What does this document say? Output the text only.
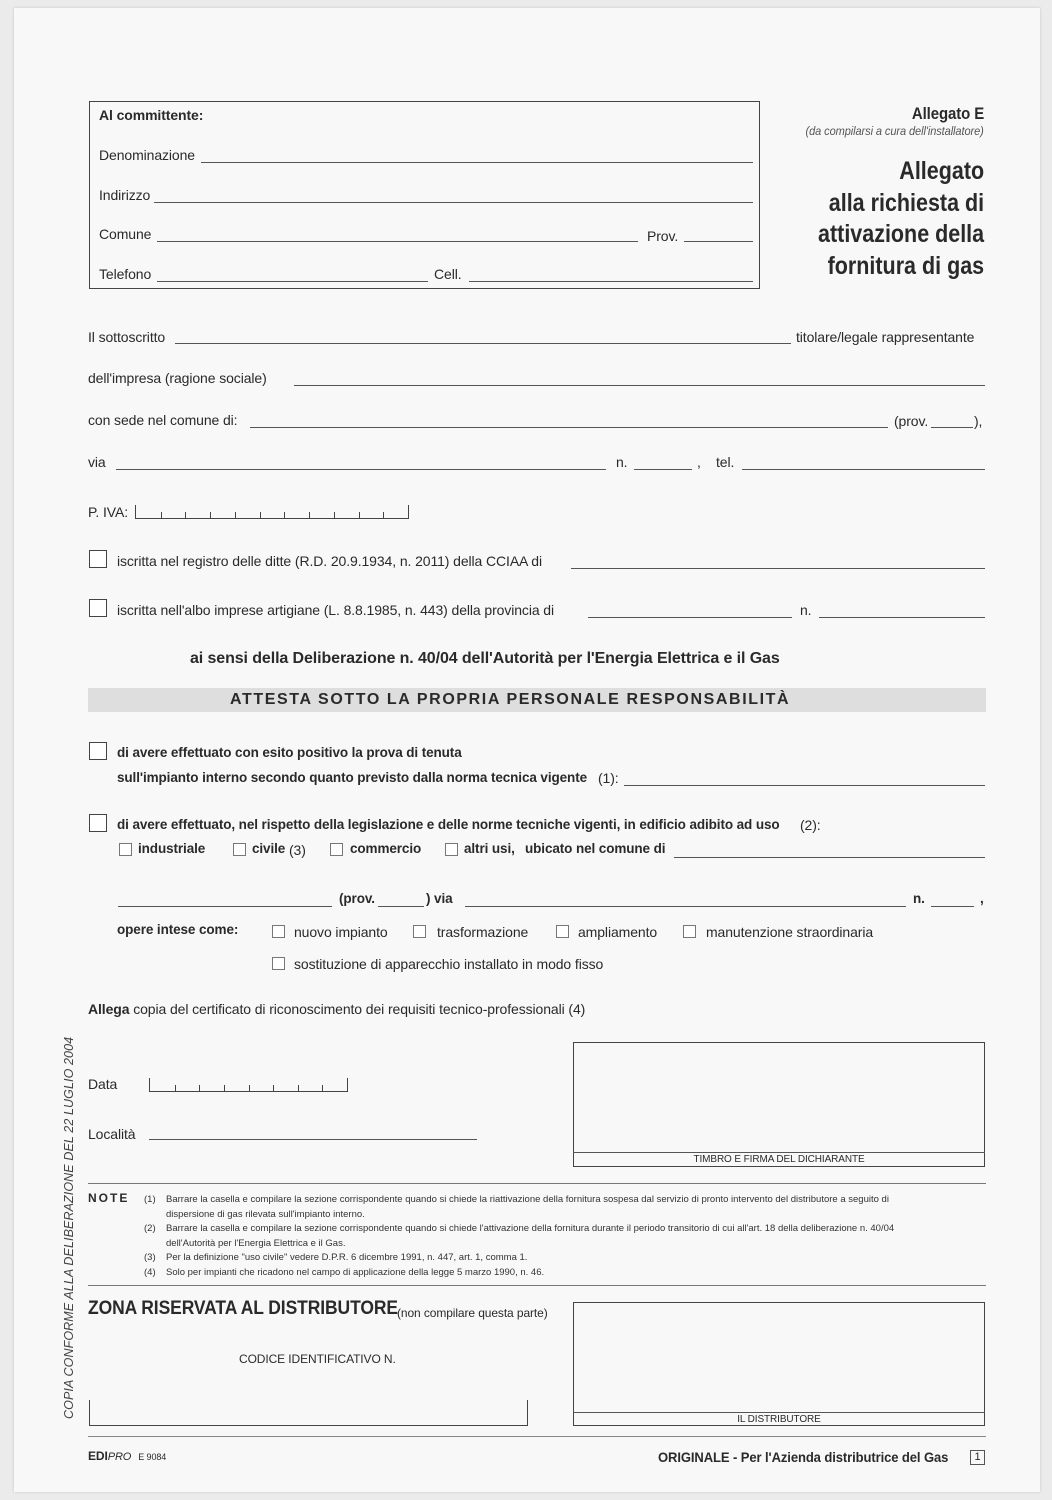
Al committente:
Denominazione
Indirizzo
Comune	Prov.
Telefono	Cell.
Allegato E
(da compilarsi a cura dell'installatore)
Allegato
alla richiesta di
attivazione della
fornitura di gas
Il sottoscritto	titolare/legale rappresentante
dell'impresa (ragione sociale)
con sede nel comune di:	(prov.	),
via	n.	, tel.
P. IVA:
iscritta nel registro delle ditte (R.D. 20.9.1934, n. 2011) della CCIAA di
iscritta nell'albo imprese artigiane (L. 8.8.1985, n. 443) della provincia di	n.
ai sensi della Deliberazione n. 40/04 dell'Autorità per l'Energia Elettrica e il Gas
ATTESTA SOTTO LA PROPRIA PERSONALE RESPONSABILITÀ
di avere effettuato con esito positivo la prova di tenuta
sull'impianto interno secondo quanto previsto dalla norma tecnica vigente (1):
di avere effettuato, nel rispetto della legislazione e delle norme tecniche vigenti, in edificio adibito ad uso (2):
industriale	civile (3)	commercio	altri usi, ubicato nel comune di
(prov.	) via	n.	,
opere intese come:	nuovo impianto	trasformazione	ampliamento	manutenzione straordinaria
sostituzione di apparecchio installato in modo fisso
Allega copia del certificato di riconoscimento dei requisiti tecnico-professionali (4)
Data
Località
TIMBRO E FIRMA DEL DICHIARANTE
NOTE (1) Barrare la casella e compilare la sezione corrispondente quando si chiede la riattivazione della fornitura sospesa dal servizio di pronto intervento del distributore a seguito di
dispersione di gas rilevata sull'impianto interno.
(2) Barrare la casella e compilare la sezione corrispondente quando si chiede l'attivazione della fornitura durante il periodo transitorio di cui all'art. 18 della deliberazione n. 40/04
dell'Autorità per l'Energia Elettrica e il Gas.
(3) Per la definizione "uso civile" vedere D.P.R. 6 dicembre 1991, n. 447, art. 1, comma 1.
(4) Solo per impianti che ricadono nel campo di applicazione della legge 5 marzo 1990, n. 46.
ZONA RISERVATA AL DISTRIBUTORE (non compilare questa parte)
CODICE IDENTIFICATIVO N.
IL DISTRIBUTORE
COPIA CONFORME ALLA DELIBERAZIONE DEL 22 LUGLIO 2004
EDIPRO E 9084	ORIGINALE - Per l'Azienda distributrice del Gas	1
